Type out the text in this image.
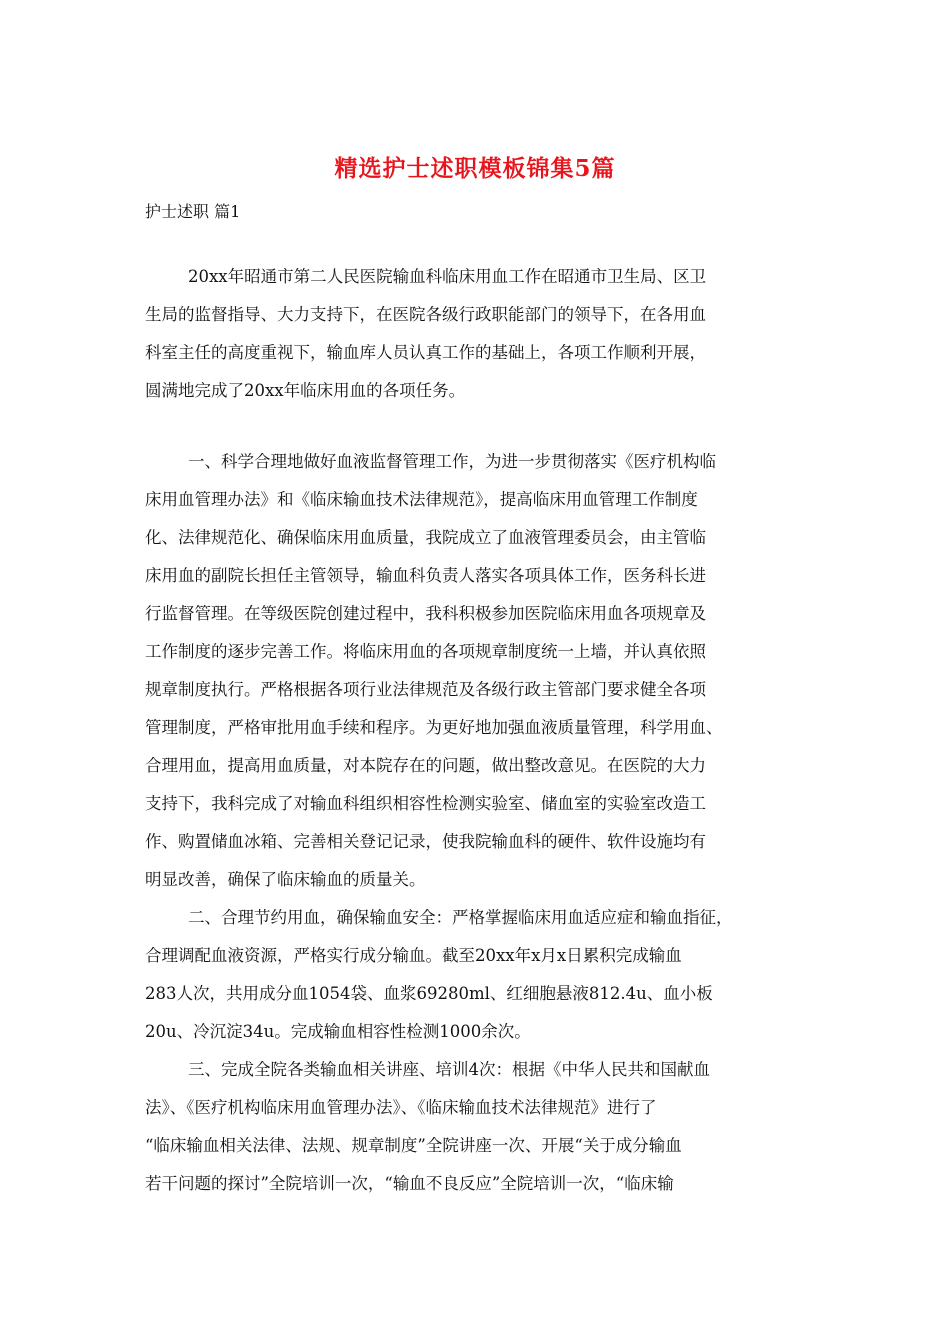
精选护士述职模板锦集5篇
护士述职 篇1
20xx年昭通市第二人民医院输血科临床用血工作在昭通市卫生局、区卫
生局的监督指导、大力支持下，在医院各级行政职能部门的领导下，在各用血
科室主任的高度重视下，输血库人员认真工作的基础上，各项工作顺利开展，
圆满地完成了20xx年临床用血的各项任务。
一、科学合理地做好血液监督管理工作，为进一步贯彻落实《医疗机构临
床用血管理办法》和《临床输血技术法律规范》，提高临床用血管理工作制度
化、法律规范化、确保临床用血质量，我院成立了血液管理委员会，由主管临
床用血的副院长担任主管领导，输血科负责人落实各项具体工作，医务科长进
行监督管理。在等级医院创建过程中，我科积极参加医院临床用血各项规章及
工作制度的逐步完善工作。将临床用血的各项规章制度统一上墙，并认真依照
规章制度执行。严格根据各项行业法律规范及各级行政主管部门要求健全各项
管理制度，严格审批用血手续和程序。为更好地加强血液质量管理，科学用血、
合理用血，提高用血质量，对本院存在的问题，做出整改意见。在医院的大力
支持下，我科完成了对输血科组织相容性检测实验室、储血室的实验室改造工
作、购置储血冰箱、完善相关登记记录，使我院输血科的硬件、软件设施均有
明显改善，确保了临床输血的质量关。
二、合理节约用血，确保输血安全：严格掌握临床用血适应症和输血指征，
合理调配血液资源，严格实行成分输血。截至20xx年x月x日累积完成输血
283人次，共用成分血1054袋、血浆69280ml、红细胞悬液812.4u、血小板
20u、冷沉淀34u。完成输血相容性检测1000余次。
三、完成全院各类输血相关讲座、培训4次：根据《中华人民共和国献血
法》、《医疗机构临床用血管理办法》、《临床输血技术法律规范》进行了
“临床输血相关法律、法规、规章制度”全院讲座一次、开展“关于成分输血
若干问题的探讨”全院培训一次，“输血不良反应”全院培训一次，“临床输
